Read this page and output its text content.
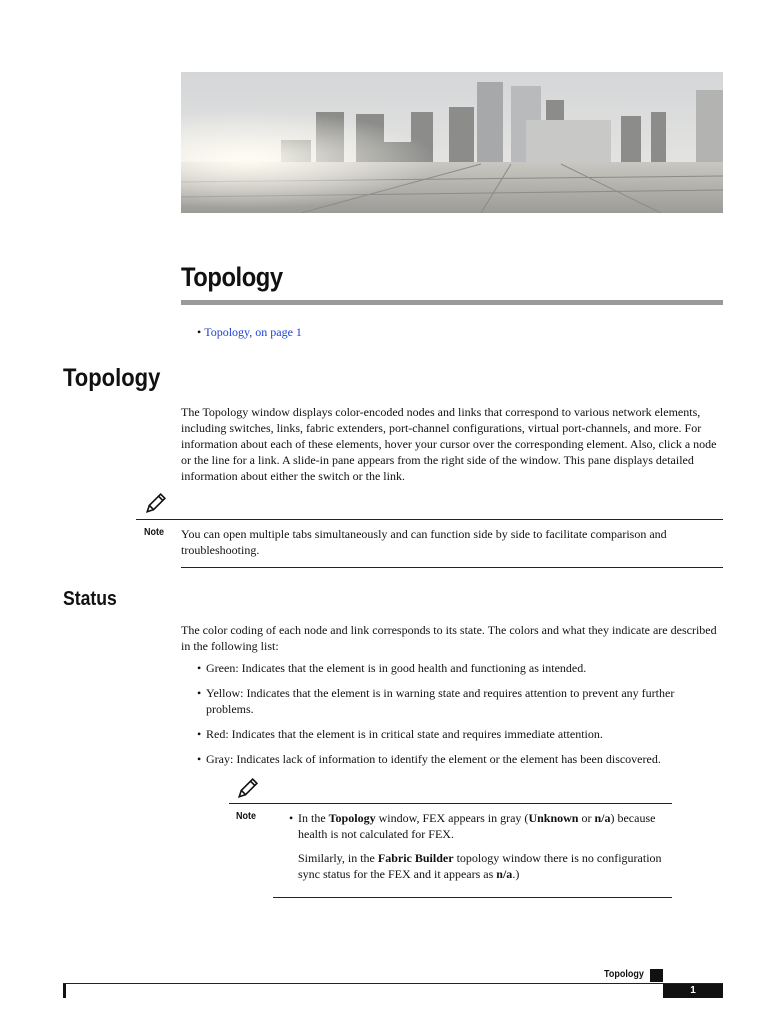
Topology
• Topology, on page 1
Topology
The Topology window displays color-encoded nodes and links that correspond to various network elements, including switches, links, fabric extenders, port-channel configurations, virtual port-channels, and more. For information about each of these elements, hover your cursor over the corresponding element. Also, click a node or the line for a link. A slide-in pane appears from the right side of the window. This pane displays detailed information about either the switch or the link.
Note You can open multiple tabs simultaneously and can function side by side to facilitate comparison and troubleshooting.
Status
The color coding of each node and link corresponds to its state. The colors and what they indicate are described in the following list:
• Green: Indicates that the element is in good health and functioning as intended.
• Yellow: Indicates that the element is in warning state and requires attention to prevent any further problems.
• Red: Indicates that the element is in critical state and requires immediate attention.
• Gray: Indicates lack of information to identify the element or the element has been discovered.
Note	• In the Topology window, FEX appears in gray (Unknown or n/a) because health is not calculated for FEX.
Similarly, in the Fabric Builder topology window there is no configuration sync status for the FEX and it appears as n/a.)
Topology
1
